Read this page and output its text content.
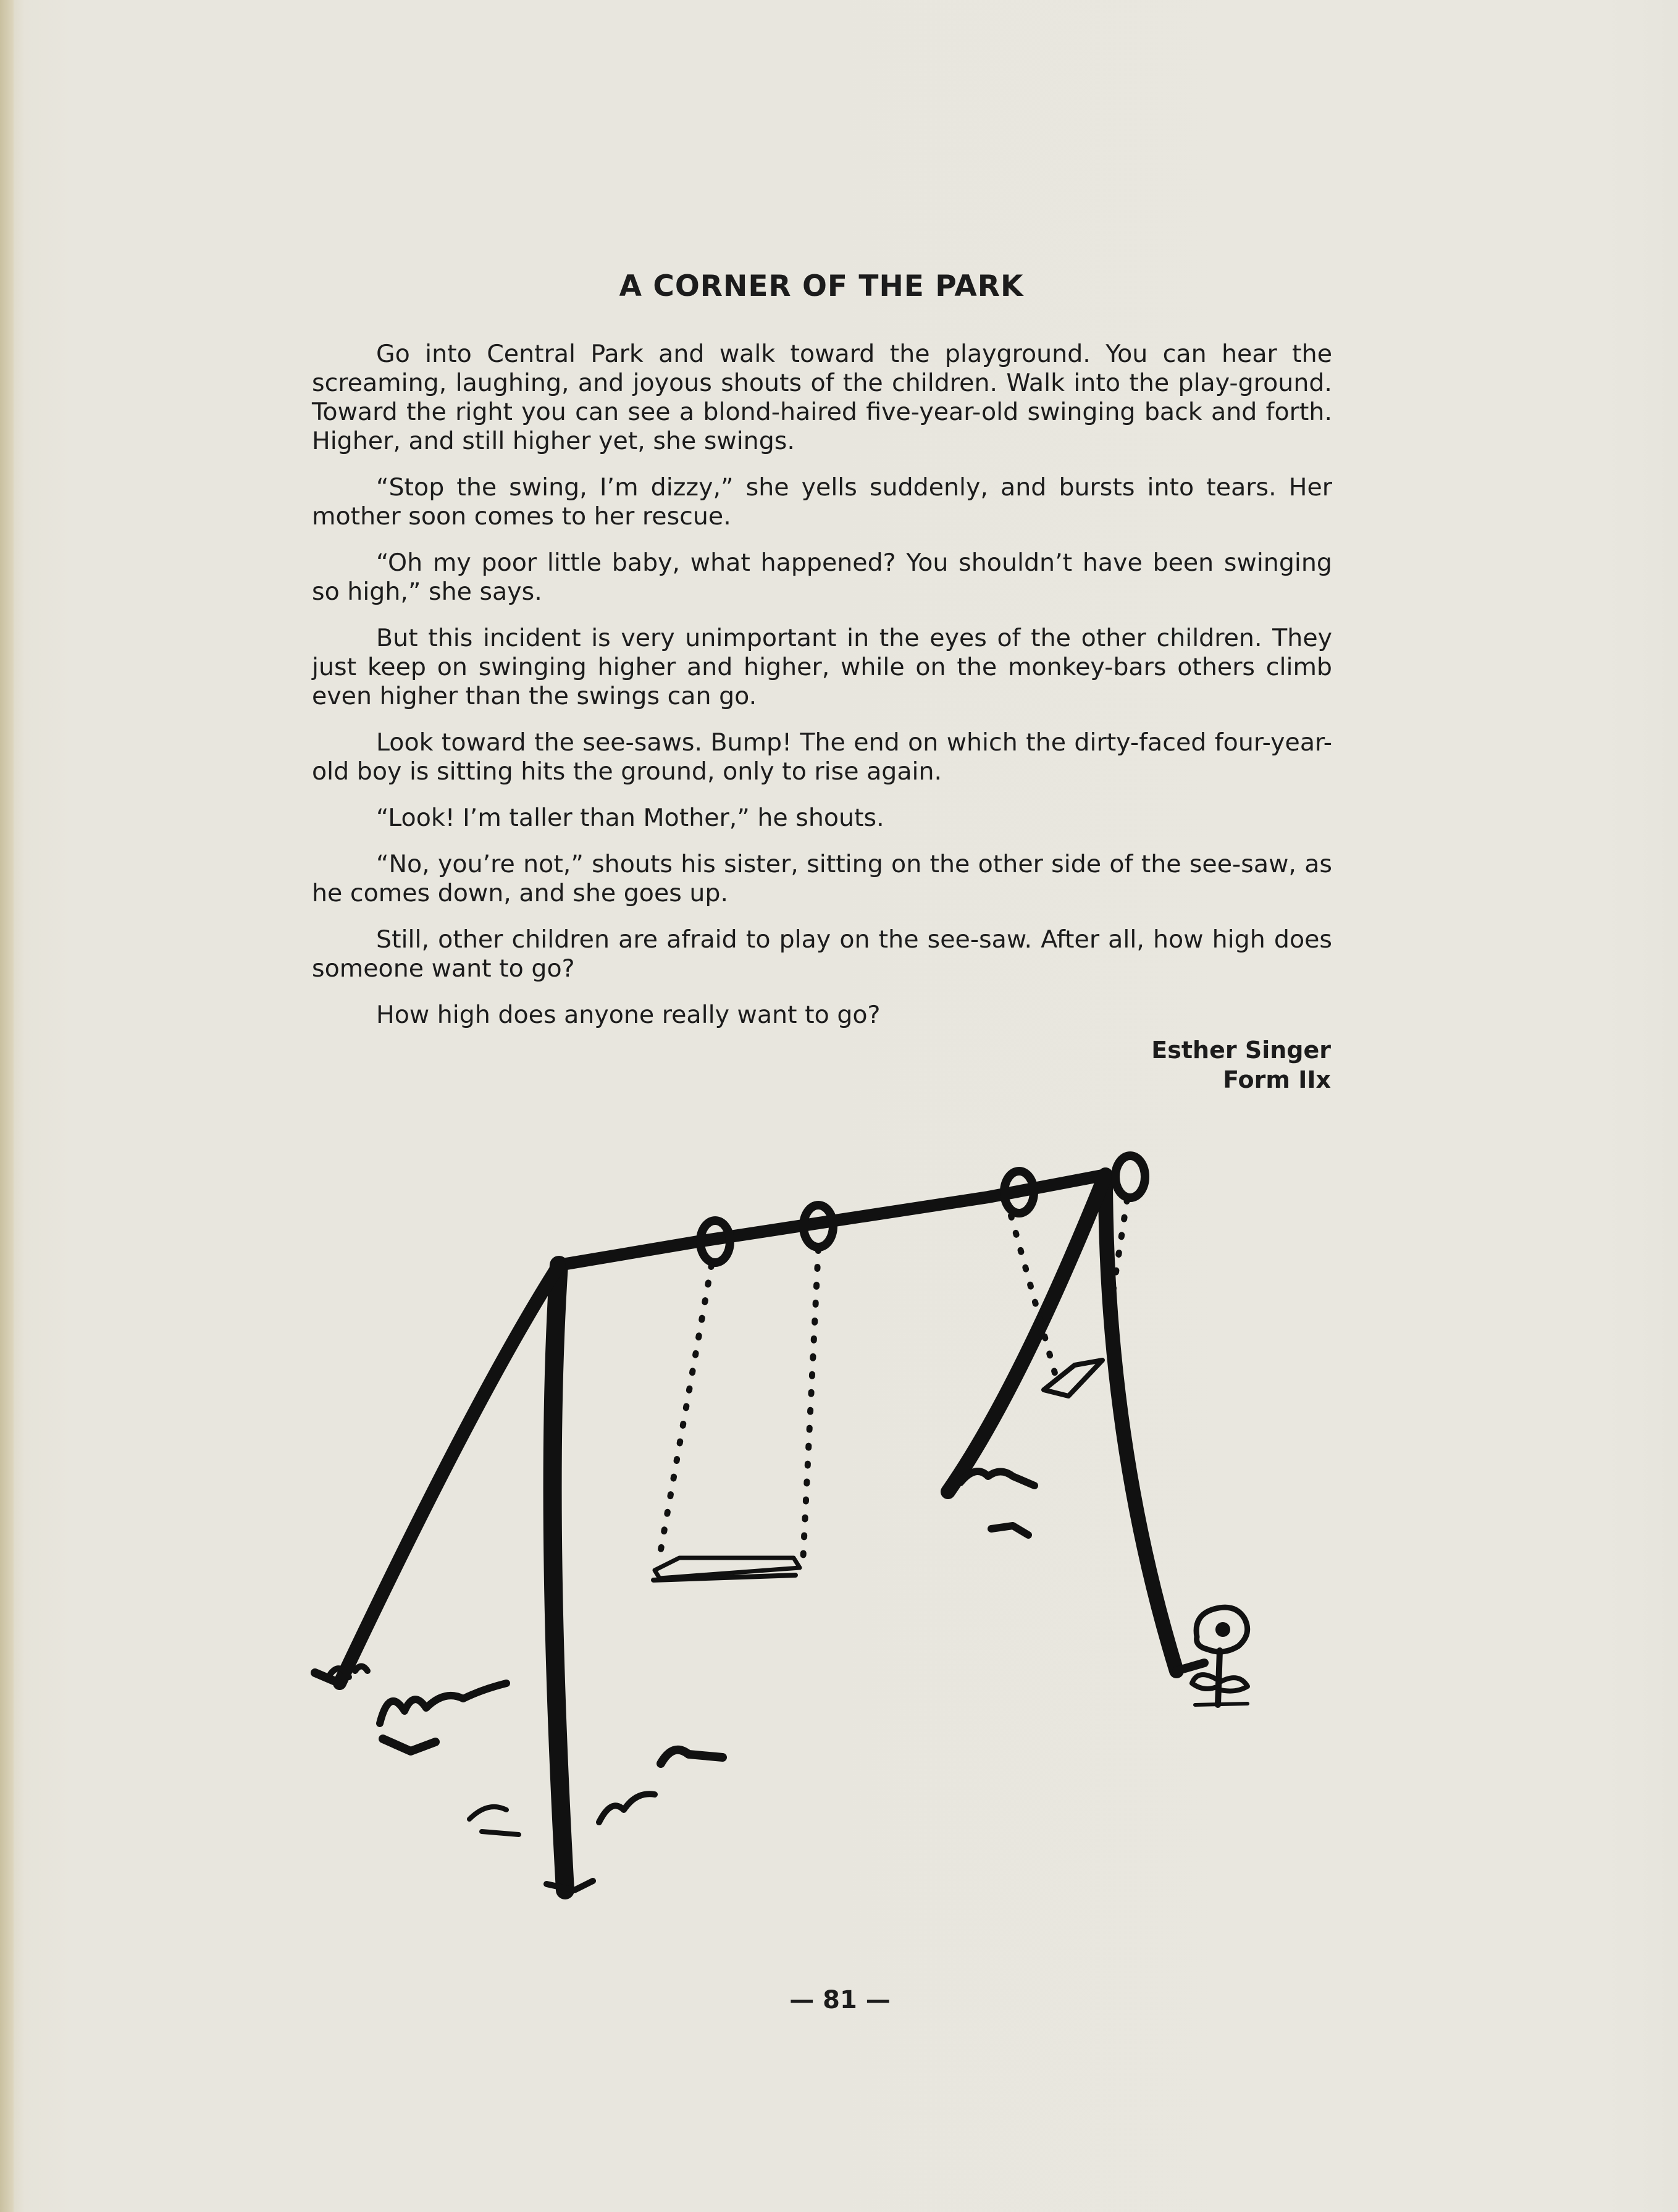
A CORNER OF THE PARK

Go into Central Park and walk toward the playground. You can hear the screaming, laughing, and joyous shouts of the children. Walk into the play-ground. Toward the right you can see a blond-haired five-year-old swinging back and forth. Higher, and still higher yet, she swings.

“Stop the swing, I’m dizzy,” she yells suddenly, and bursts into tears. Her mother soon comes to her rescue.

“Oh my poor little baby, what happened? You shouldn’t have been swinging so high,” she says.

But this incident is very unimportant in the eyes of the other children. They just keep on swinging higher and higher, while on the monkey-bars others climb even higher than the swings can go.

Look toward the see-saws. Bump! The end on which the dirty-faced four-year-old boy is sitting hits the ground, only to rise again.

“Look! I’m taller than Mother,” he shouts.

“No, you’re not,” shouts his sister, sitting on the other side of the see-saw, as he comes down, and she goes up.

Still, other children are afraid to play on the see-saw. After all, how high does someone want to go?

How high does anyone really want to go?

Esther Singer
Form IIx
— 81 —
